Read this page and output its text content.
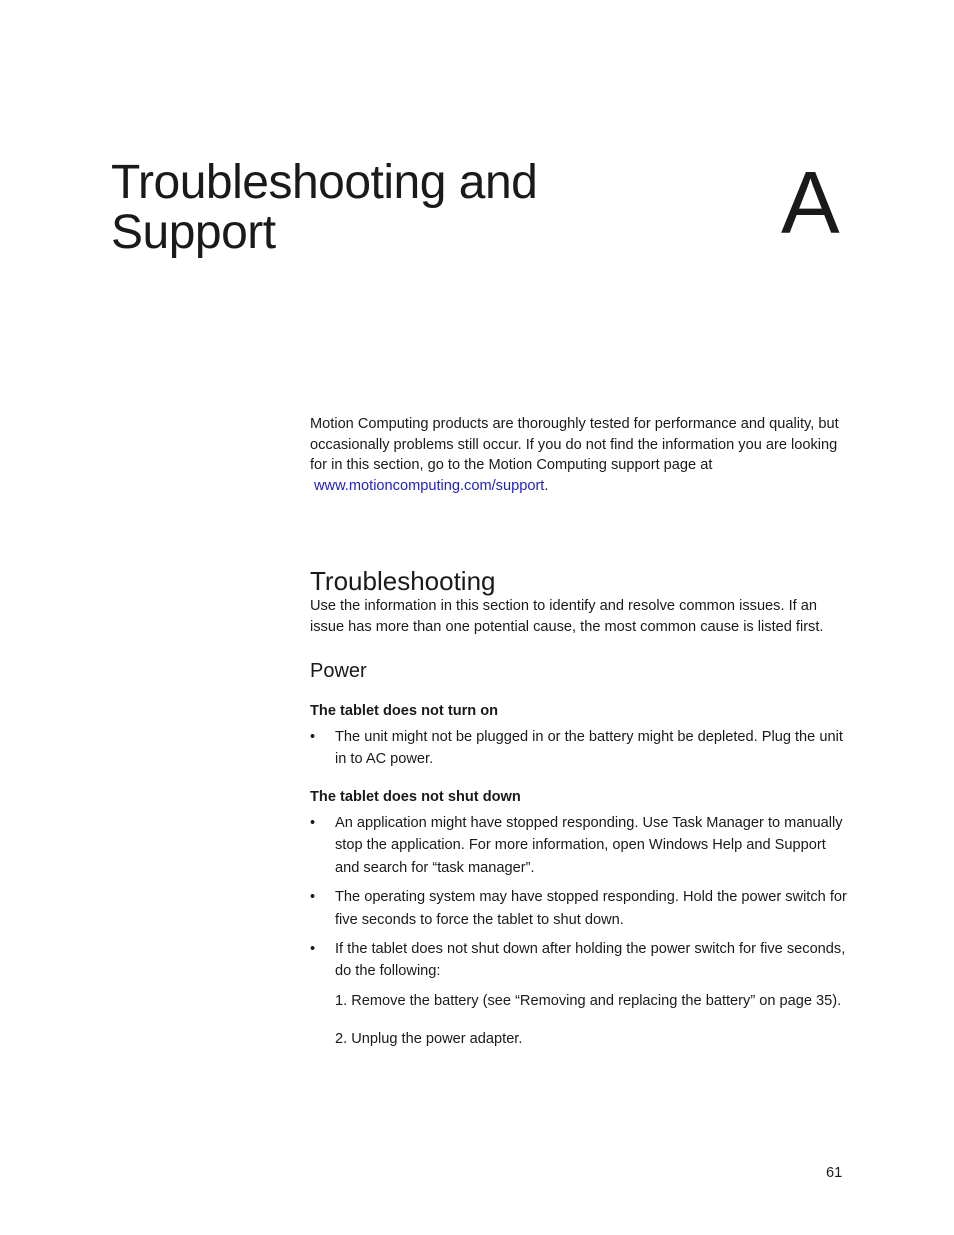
Troubleshooting and
Support	A

Motion Computing products are thoroughly tested for performance and quality, but occasionally problems still occur. If you do not find the information you are looking for in this section, go to the Motion Computing support page at
www.motioncomputing.com/support.

Troubleshooting

Use the information in this section to identify and resolve common issues. If an issue has more than one potential cause, the most common cause is listed first.

Power

The tablet does not turn on

• The unit might not be plugged in or the battery might be depleted. Plug the unit in to AC power.

The tablet does not shut down

• An application might have stopped responding. Use Task Manager to manually stop the application. For more information, open Windows Help and Support and search for “task manager”.
• The operating system may have stopped responding. Hold the power switch for five seconds to force the tablet to shut down.
• If the tablet does not shut down after holding the power switch for five seconds, do the following:

1. Remove the battery (see “Removing and replacing the battery” on page 35).

2. Unplug the power adapter.

61
